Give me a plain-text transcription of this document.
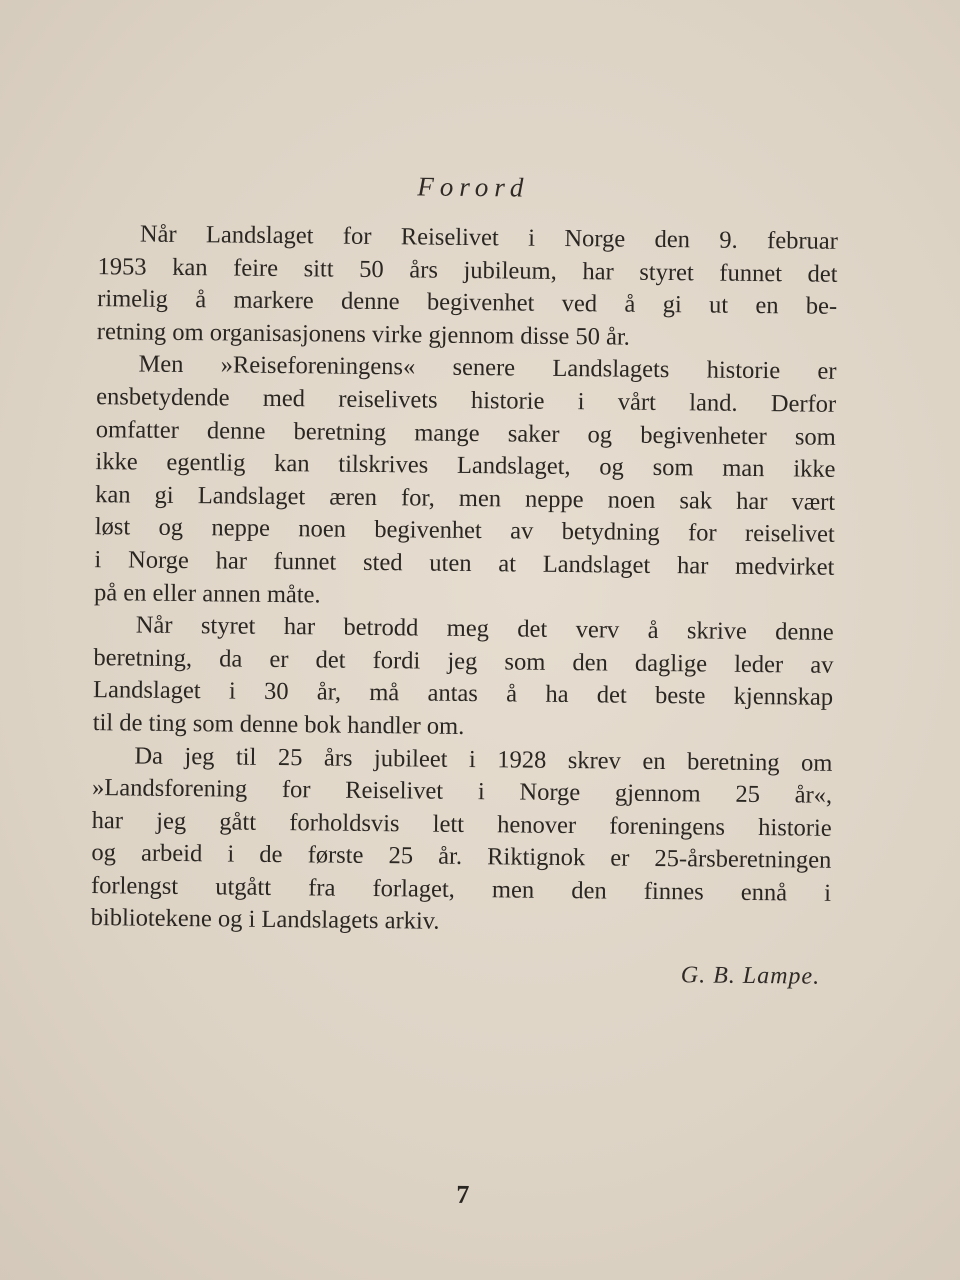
Forord

Når Landslaget for Reiselivet i Norge den 9. februar
1953 kan feire sitt 50 års jubileum, har styret funnet det
rimelig å markere denne begivenhet ved å gi ut en be-
retning om organisasjonens virke gjennom disse 50 år.

Men »Reiseforeningens« senere Landslagets historie er
ensbetydende med reiselivets historie i vårt land. Derfor
omfatter denne beretning mange saker og begivenheter som
ikke egentlig kan tilskrives Landslaget, og som man ikke
kan gi Landslaget æren for, men neppe noen sak har vært
løst og neppe noen begivenhet av betydning for reiselivet
i Norge har funnet sted uten at Landslaget har medvirket
på en eller annen måte.

Når styret har betrodd meg det verv å skrive denne
beretning, da er det fordi jeg som den daglige leder av
Landslaget i 30 år, må antas å ha det beste kjennskap
til de ting som denne bok handler om.

Da jeg til 25 års jubileet i 1928 skrev en beretning om
»Landsforening for Reiselivet i Norge gjennom 25 år«,
har jeg gått forholdsvis lett henover foreningens historie
og arbeid i de første 25 år. Riktignok er 25-årsberetningen
forlengst utgått fra forlaget, men den finnes ennå i
bibliotekene og i Landslagets arkiv.

G. B. Lampe.
7
